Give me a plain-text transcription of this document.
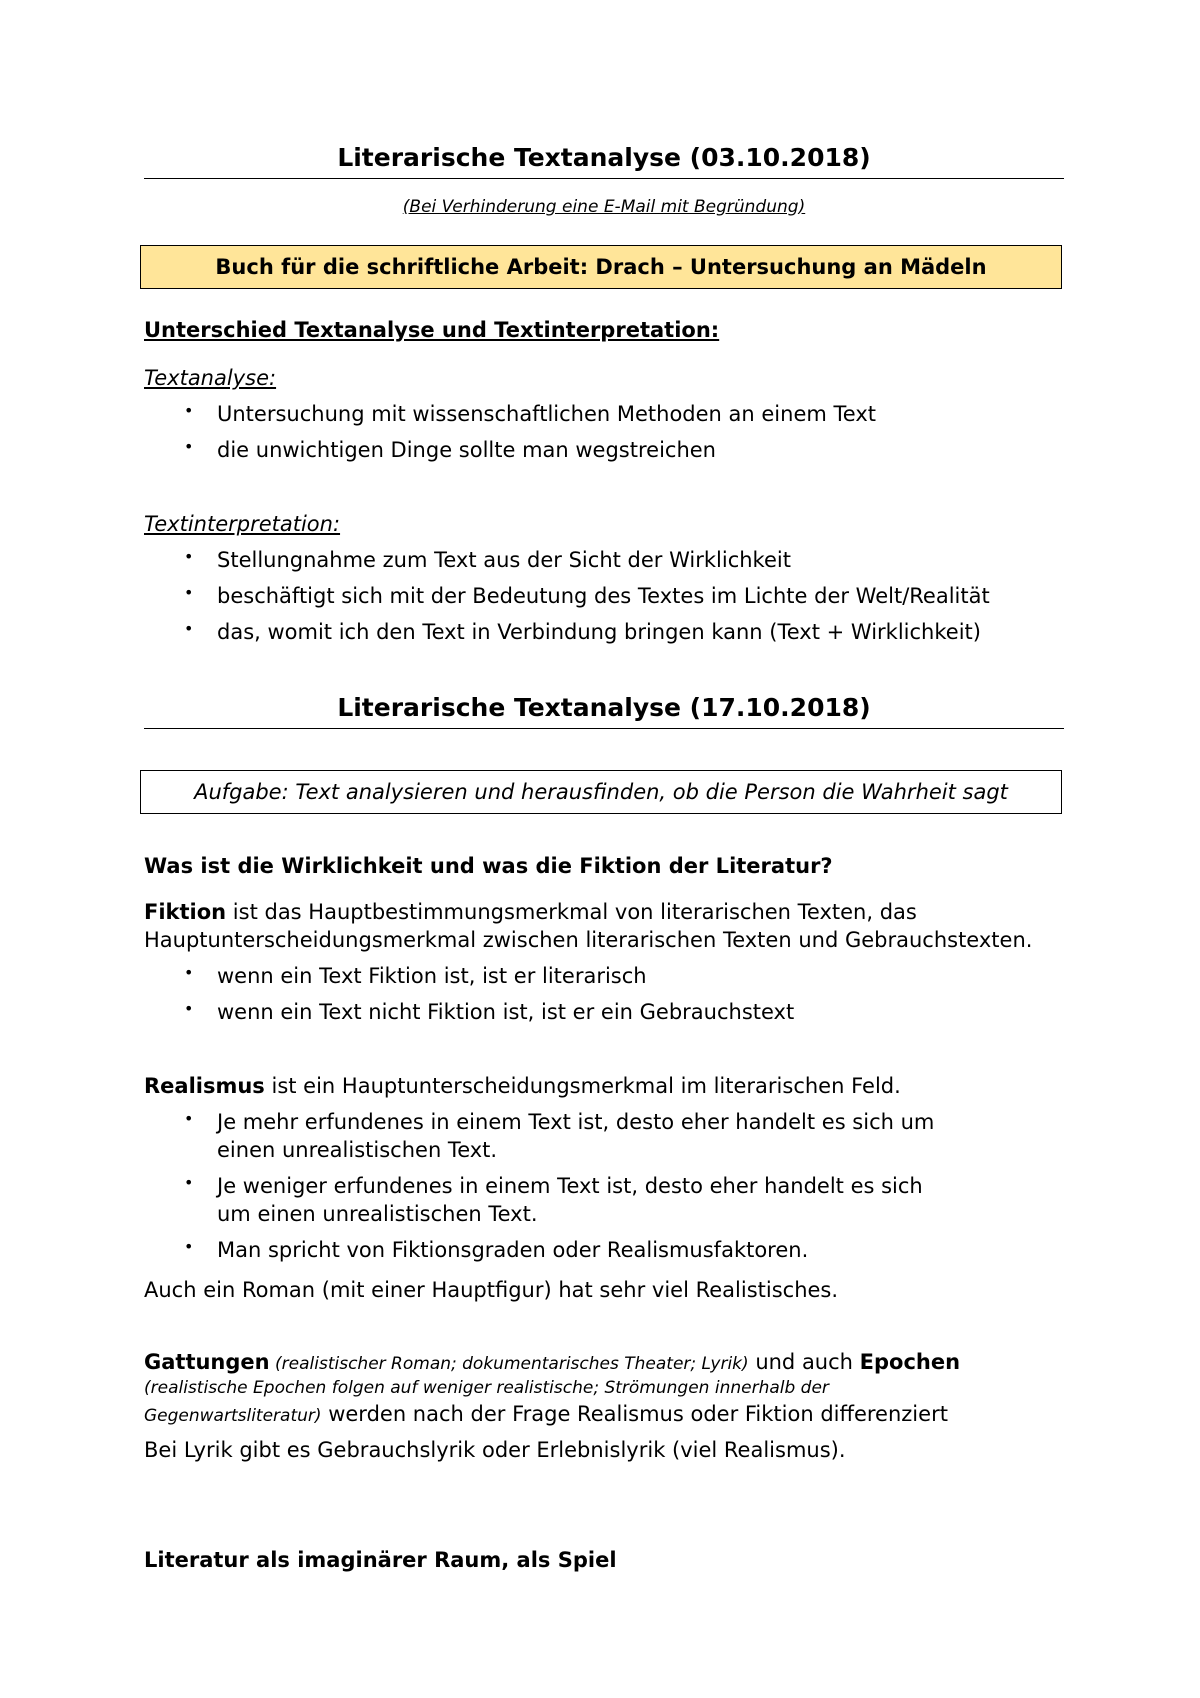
Literarische Textanalyse (03.10.2018)
(Bei Verhinderung eine E-Mail mit Begründung)
Buch für die schriftliche Arbeit: Drach – Untersuchung an Mädeln
Unterschied Textanalyse und Textinterpretation:
Textanalyse:
• Untersuchung mit wissenschaftlichen Methoden an einem Text
• die unwichtigen Dinge sollte man wegstreichen
Textinterpretation:
• Stellungnahme zum Text aus der Sicht der Wirklichkeit
• beschäftigt sich mit der Bedeutung des Textes im Lichte der Welt/Realität
• das, womit ich den Text in Verbindung bringen kann (Text + Wirklichkeit)
Literarische Textanalyse (17.10.2018)
Aufgabe: Text analysieren und herausfinden, ob die Person die Wahrheit sagt
Was ist die Wirklichkeit und was die Fiktion der Literatur?
Fiktion ist das Hauptbestimmungsmerkmal von literarischen Texten, das
Hauptunterscheidungsmerkmal zwischen literarischen Texten und Gebrauchstexten.
• wenn ein Text Fiktion ist, ist er literarisch
• wenn ein Text nicht Fiktion ist, ist er ein Gebrauchstext
Realismus ist ein Hauptunterscheidungsmerkmal im literarischen Feld.
• Je mehr erfundenes in einem Text ist, desto eher handelt es sich um einen unrealistischen Text.
• Je weniger erfundenes in einem Text ist, desto eher handelt es sich um einen unrealistischen Text.
• Man spricht von Fiktionsgraden oder Realismusfaktoren.
Auch ein Roman (mit einer Hauptfigur) hat sehr viel Realistisches.
Gattungen (realistischer Roman; dokumentarisches Theater; Lyrik) und auch Epochen
(realistische Epochen folgen auf weniger realistische; Strömungen innerhalb der
Gegenwartsliteratur) werden nach der Frage Realismus oder Fiktion differenziert
Bei Lyrik gibt es Gebrauchslyrik oder Erlebnislyrik (viel Realismus).
Literatur als imaginärer Raum, als Spiel
